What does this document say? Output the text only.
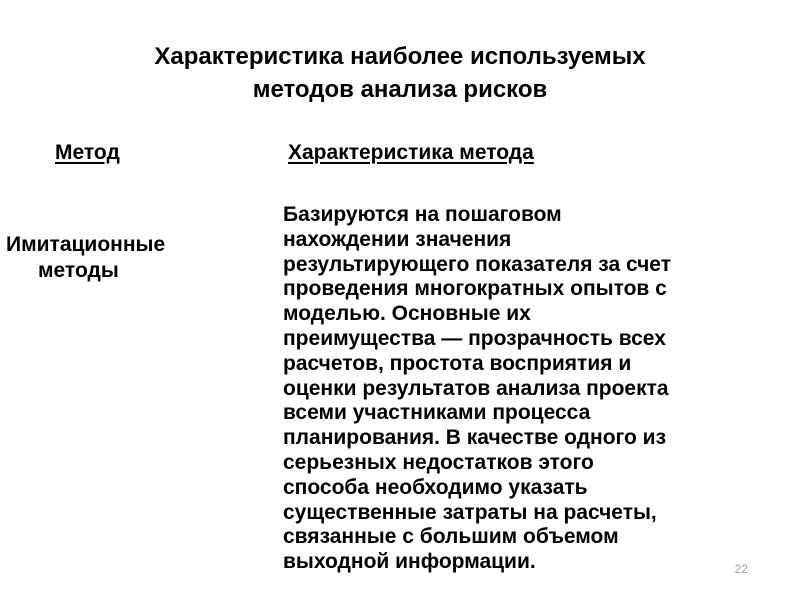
Характеристика наиболее используемых
методов анализа рисков

Метод	Характеристика метода

Имитационные
методы
Базируются на пошаговом
нахождении значения
результирующего показателя за счет
проведения многократных опытов с
моделью. Основные их
преимущества — прозрачность всех
расчетов, простота восприятия и
оценки результатов анализа проекта
всеми участниками процесса
планирования. В качестве одного из
серьезных недостатков этого
способа необходимо указать
существенные затраты на расчеты,
связанные с большим объемом
выходной информации.	22
